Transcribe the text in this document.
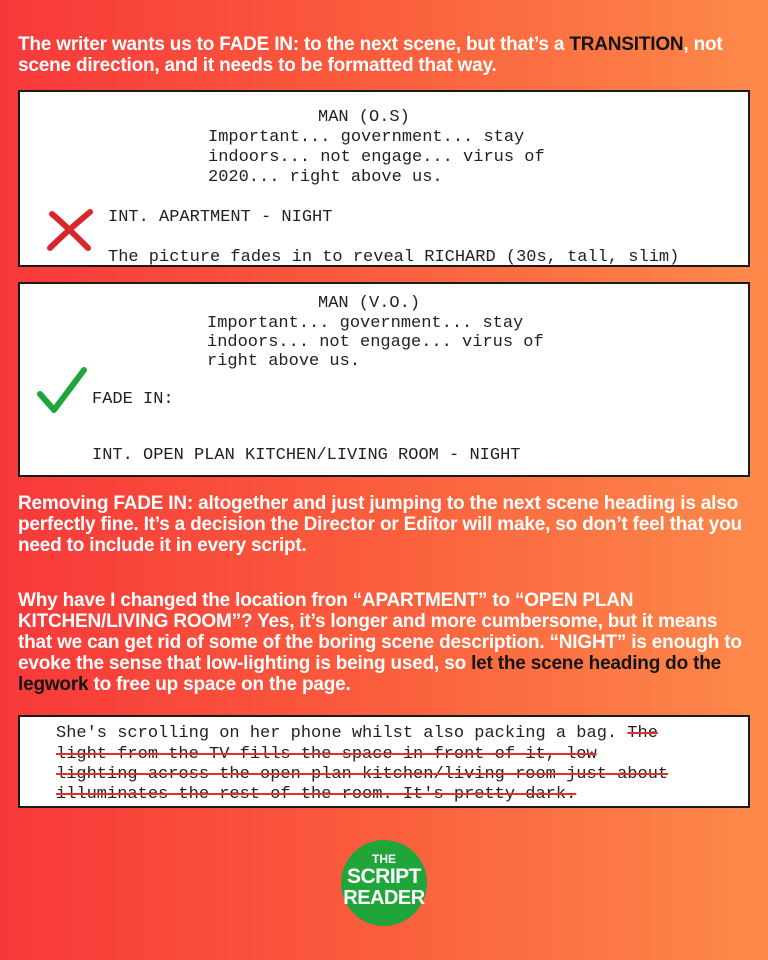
The writer wants us to FADE IN: to the next scene, but that’s a TRANSITION, not scene direction, and it needs to be formatted that way.
MAN (O.S)
Important... government... stay
indoors... not engage... virus of
2020... right above us.
INT. APARTMENT - NIGHT
The picture fades in to reveal RICHARD (30s, tall, slim)
MAN (V.O.)
Important... government... stay
indoors... not engage... virus of
right above us.
FADE IN:
INT. OPEN PLAN KITCHEN/LIVING ROOM - NIGHT
Removing FADE IN: altogether and just jumping to the next scene heading is also perfectly fine. It’s a decision the Director or Editor will make, so don’t feel that you need to include it in every script.
Why have I changed the location fron “APARTMENT” to “OPEN PLAN KITCHEN/LIVING ROOM”? Yes, it’s longer and more cumbersome, but it means that we can get rid of some of the boring scene description. “NIGHT” is enough to evoke the sense that low-lighting is being used, so let the scene heading do the legwork to free up space on the page.
She's scrolling on her phone whilst also packing a bag. The
light from the TV fills the space in front of it, low
lighting across the open plan kitchen/living room just about
illuminates the rest of the room. It's pretty dark.
THE
SCRIPT
READER
